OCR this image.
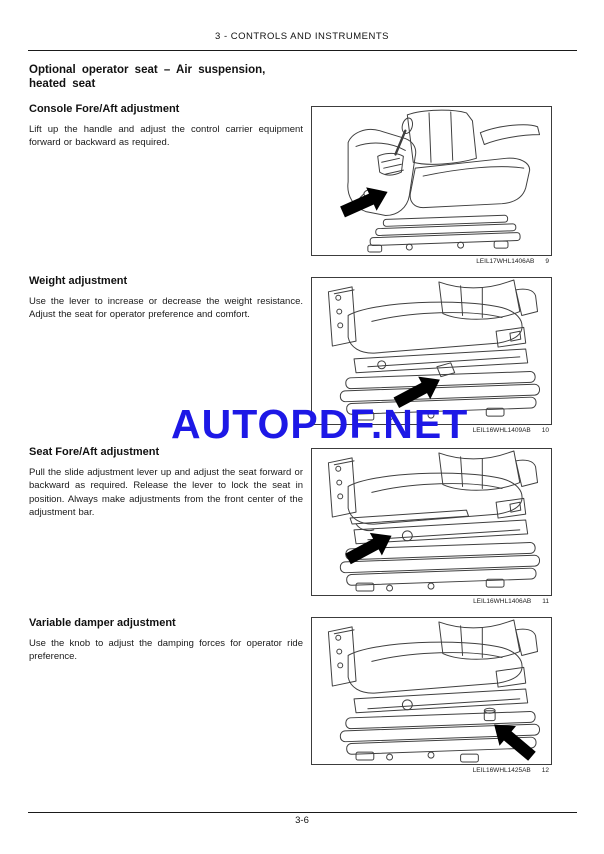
3 - CONTROLS AND INSTRUMENTS
Optional operator seat – Air suspension,
heated seat
Console Fore/Aft adjustment
Lift up the handle and adjust the control carrier equipment forward or backward as required.
LEIL17WHL1406AB 9
Weight adjustment
Use the lever to increase or decrease the weight resistance. Adjust the seat for operator preference and comfort.
LEIL16WHL1409AB 10
AUTOPDF.NET
Seat Fore/Aft adjustment
Pull the slide adjustment lever up and adjust the seat forward or backward as required. Release the lever to lock the seat in position. Always make adjustments from the front center of the adjustment bar.
LEIL16WHL1406AB 11
Variable damper adjustment
Use the knob to adjust the damping forces for operator ride preference.
LEIL16WHL1425AB 12
3-6
